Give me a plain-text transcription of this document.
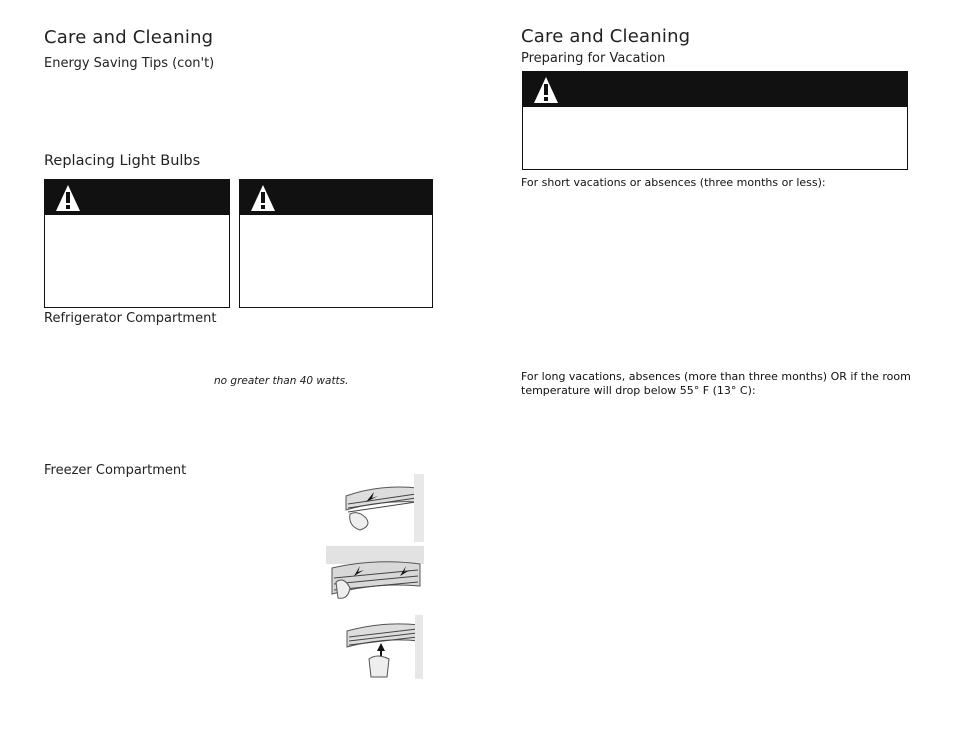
Care and Cleaning
Energy Saving Tips (con't)
Replacing Light Bulbs
Refrigerator Compartment
no greater than 40 watts.
Freezer Compartment
Care and Cleaning
Preparing for Vacation
For short vacations or absences (three months or less):
For long vacations, absences (more than three months) OR if the room
temperature will drop below 55° F (13° C):
